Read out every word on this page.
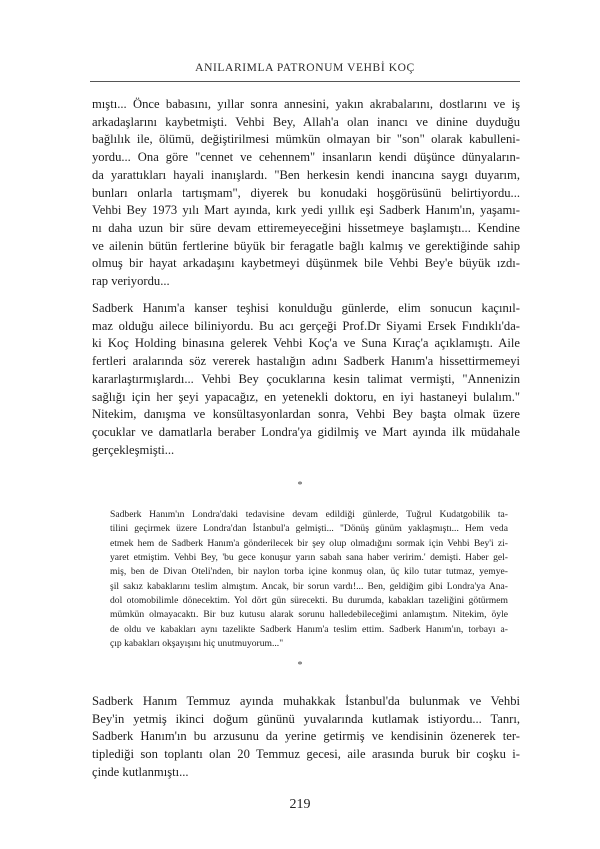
ANILARIMLA PATRONUM VEHBİ KOÇ
mıştı... Önce babasını, yıllar sonra annesini, yakın akrabalarını, dostlarını ve iş
arkadaşlarını kaybetmişti. Vehbi Bey, Allah'a olan inancı ve dinine duyduğu
bağlılık ile, ölümü, değiştirilmesi mümkün olmayan bir "son" olarak kabulleni-
yordu... Ona göre "cennet ve cehennem" insanların kendi düşünce dünyaların-
da yarattıkları hayali inanışlardı. "Ben herkesin kendi inancına saygı duyarım,
bunları onlarla tartışmam", diyerek bu konudaki hoşgörüsünü belirtiyordu...
Vehbi Bey 1973 yılı Mart ayında, kırk yedi yıllık eşi Sadberk Hanım'ın, yaşamı-
nı daha uzun bir süre devam ettiremeyeceğini hissetmeye başlamıştı... Kendine
ve ailenin bütün fertlerine büyük bir feragatle bağlı kalmış ve gerektiğinde sahip
olmuş bir hayat arkadaşını kaybetmeyi düşünmek bile Vehbi Bey'e büyük ızdı-
rap veriyordu...
Sadberk Hanım'a kanser teşhisi konulduğu günlerde, elim sonucun kaçınıl-
maz olduğu ailece biliniyordu. Bu acı gerçeği Prof.Dr Siyami Ersek Fındıklı'da-
ki Koç Holding binasına gelerek Vehbi Koç'a ve Suna Kıraç'a açıklamıştı. Aile
fertleri aralarında söz vererek hastalığın adını Sadberk Hanım'a hissettirmemeyi
kararlaştırmışlardı... Vehbi Bey çocuklarına kesin talimat vermişti, "Annenizin
sağlığı için her şeyi yapacağız, en yetenekli doktoru, en iyi hastaneyi bulalım."
Nitekim, danışma ve konsültasyonlardan sonra, Vehbi Bey başta olmak üzere
çocuklar ve damatlarla beraber Londra'ya gidilmiş ve Mart ayında ilk müdahale
gerçekleşmişti...
*
Sadberk Hanım'ın Londra'daki tedavisine devam edildiği günlerde, Tuğrul Kudatgobilik ta-
tilini geçirmek üzere Londra'dan İstanbul'a gelmişti... "Dönüş günüm yaklaşmıştı... Hem veda
etmek hem de Sadberk Hanım'a gönderilecek bir şey olup olmadığını sormak için Vehbi Bey'i zi-
yaret etmiştim. Vehbi Bey, 'bu gece konuşur yarın sabah sana haber veririm.' demişti. Haber gel-
miş, ben de Divan Oteli'nden, bir naylon torba içine konmuş olan, üç kilo tutar tutmaz, yemye-
şil sakız kabaklarını teslim almıştım. Ancak, bir sorun vardı!... Ben, geldiğim gibi Londra'ya Ana-
dol otomobilimle dönecektim. Yol dört gün sürecekti. Bu durumda, kabakları tazeliğini götürmem
mümkün olmayacaktı. Bir buz kutusu alarak sorunu halledebileceğimi anlamıştım. Nitekim, öyle
de oldu ve kabakları aynı tazelikte Sadberk Hanım'a teslim ettim. Sadberk Hanım'ın, torbayı a-
çıp kabakları okşayışını hiç unutmuyorum..."
*
Sadberk Hanım Temmuz ayında muhakkak İstanbul'da bulunmak ve Vehbi
Bey'in yetmiş ikinci doğum gününü yuvalarında kutlamak istiyordu... Tanrı,
Sadberk Hanım'ın bu arzusunu da yerine getirmiş ve kendisinin özenerek ter-
tiplediği son toplantı olan 20 Temmuz gecesi, aile arasında buruk bir coşku i-
çinde kutlanmıştı...
219
